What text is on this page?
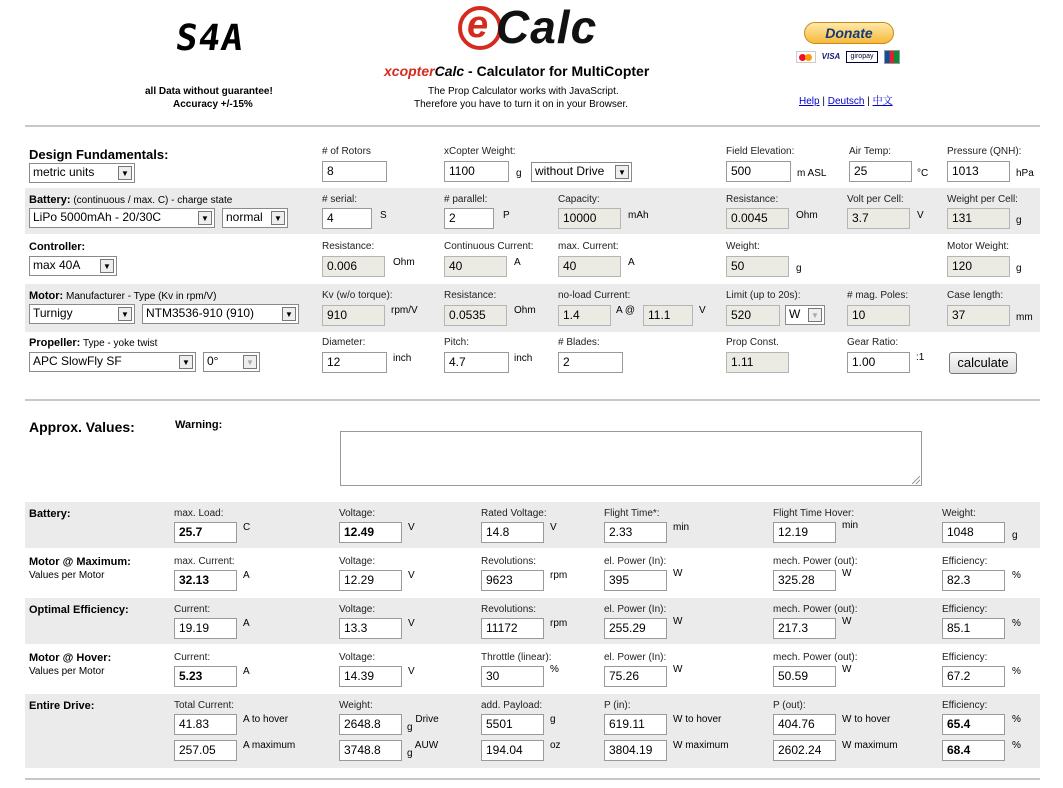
S4A
all Data without guarantee!
Accuracy +/-15%
e Calc
xcopterCalc - Calculator for MultiCopter
The Prop Calculator works with JavaScript.
Therefore you have to turn it on in your Browser.
Donate
VISA	giropay
Help | Deutsch | 中文
Design Fundamentals:
metric units	▼
# of Rotors
8
xCopter Weight:
1100	g	without Drive	▼
Field Elevation:
500	m ASL
Air Temp:
25	°C
Pressure (QNH):
1013	hPa
Battery: (continuous / max. C) - charge state
LiPo 5000mAh - 20/30C	▼	normal	▼
# serial:
4	S
# parallel:
2	P
Capacity:
10000	mAh
Resistance:
0.0045	Ohm
Volt per Cell:
3.7	V
Weight per Cell:
131	g
Controller:
max 40A	▼
Resistance:
0.006	Ohm
Continuous Current:
40	A
max. Current:
40	A
Weight:
50	g
Motor Weight:
120	g
Motor: Manufacturer - Type (Kv in rpm/V)
Turnigy	▼	NTM3536-910 (910)	▼
Kv (w/o torque):
910	rpm/V
Resistance:
0.0535	Ohm
no-load Current:
1.4	A @	11.1	V
Limit (up to 20s):
520	W	▼
# mag. Poles:
10
Case length:
37	mm
Propeller: Type - yoke twist
APC SlowFly SF	▼	0°	▼
Diameter:
12	inch
Pitch:
4.7	inch
# Blades:
2
Prop Const.
1.11
Gear Ratio:
1.00	:1	calculate
Approx. Values:	Warning:
Battery:	max. Load:
25.7	C
Voltage:
12.49	V
Rated Voltage:
14.8	V
Flight Time*:
2.33	min
Flight Time Hover:
12.19	min
Weight:
1048	g
Motor @ Maximum:
Values per Motor
max. Current:
32.13	A
Voltage:
12.29	V
Revolutions:
9623	rpm
el. Power (In):
395	W
mech. Power (out):
325.28	W
Efficiency:
82.3	%
Optimal Efficiency:	Current:
19.19	A
Voltage:
13.3	V
Revolutions:
11172	rpm
el. Power (In):
255.29	W
mech. Power (out):
217.3	W
Efficiency:
85.1	%
Motor @ Hover:
Values per Motor
Current:
5.23	A
Voltage:
14.39	V
Throttle (linear):
30	%
el. Power (In):
75.26	W
mech. Power (out):
50.59	W
Efficiency:
67.2	%
Entire Drive:	Total Current:
41.83	A to hover
257.05	A maximum
Weight:
2648.8	g Drive
3748.8	g AUW
add. Payload:
5501	g
194.04	oz
P (in):
619.11	W to hover
3804.19	W maximum
P (out):
404.76	W to hover
2602.24	W maximum
Efficiency:
65.4	%
68.4	%
